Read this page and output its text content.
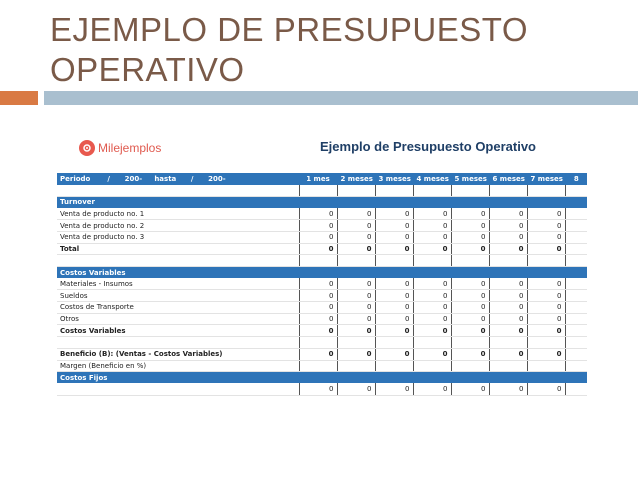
EJEMPLO DE PRESUPUESTO OPERATIVO
Milejemplos	Ejemplo de Presupuesto Operativo
Periodo / 200- hasta / 200-	1 mes	2 meses	3 meses	4 meses	5 meses	6 meses	7 meses	8

Turnover								
Venta de producto no. 1	0	0	0	0	0	0	0	
Venta de producto no. 2	0	0	0	0	0	0	0	
Venta de producto no. 3	0	0	0	0	0	0	0	
Total	0	0	0	0	0	0	0	

Costos Variables								
Materiales - Insumos	0	0	0	0	0	0	0	
Sueldos	0	0	0	0	0	0	0	
Costos de Transporte	0	0	0	0	0	0	0	
Otros	0	0	0	0	0	0	0	
Costos Variables	0	0	0	0	0	0	0	

Beneficio (B): (Ventas - Costos Variables)	0	0	0	0	0	0	0	
Margen (Beneficio en %)								
Costos Fijos								
	0	0	0	0	0	0	0	
